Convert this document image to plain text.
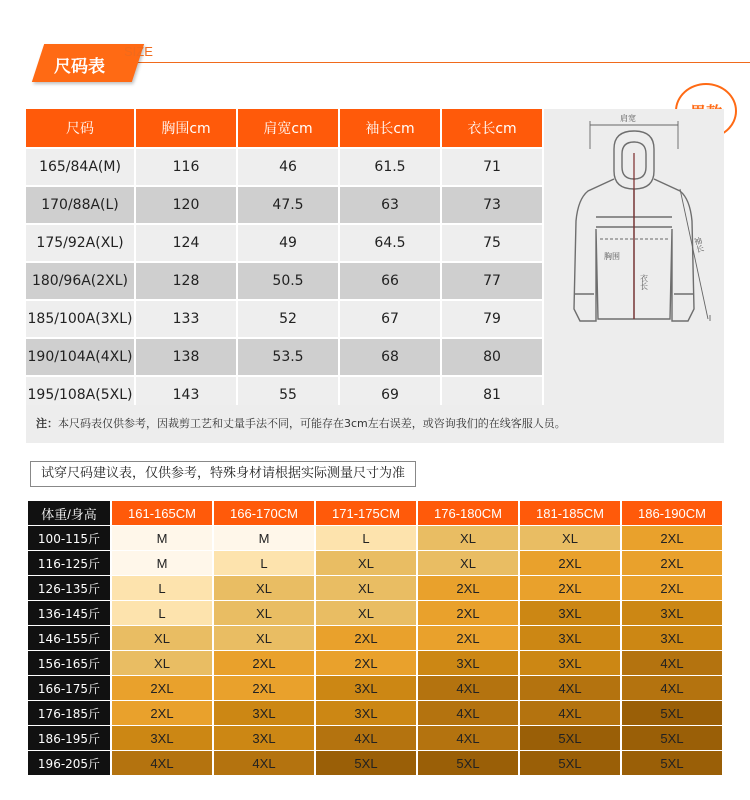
尺码表
SIZE
尺码	胸围cm	肩宽cm	袖长cm	衣长cm
165/84A(M)	116	46	61.5	71
170/88A(L)	120	47.5	63	73
175/92A(XL)	124	49	64.5	75
180/96A(2XL)	128	50.5	66	77
185/100A(3XL)	133	52	67	79
190/104A(4XL)	138	53.5	68	80
195/108A(5XL)	143	55	69	81
肩宽
胸围
衣长
袖长
注：本尺码表仅供参考，因裁剪工艺和丈量手法不同，可能存在3cm左右误差，或咨询我们的在线客服人员。
试穿尺码建议表，仅供参考，特殊身材请根据实际测量尺寸为准
体重/身高	161-165CM	166-170CM	171-175CM	176-180CM	181-185CM	186-190CM
100-115斤	M	M	L	XL	XL	2XL
116-125斤	M	L	XL	XL	2XL	2XL
126-135斤	L	XL	XL	2XL	2XL	2XL
136-145斤	L	XL	XL	2XL	3XL	3XL
146-155斤	XL	XL	2XL	2XL	3XL	3XL
156-165斤	XL	2XL	2XL	3XL	3XL	4XL
166-175斤	2XL	2XL	3XL	4XL	4XL	4XL
176-185斤	2XL	3XL	3XL	4XL	4XL	5XL
186-195斤	3XL	3XL	4XL	4XL	5XL	5XL
196-205斤	4XL	4XL	5XL	5XL	5XL	5XL
